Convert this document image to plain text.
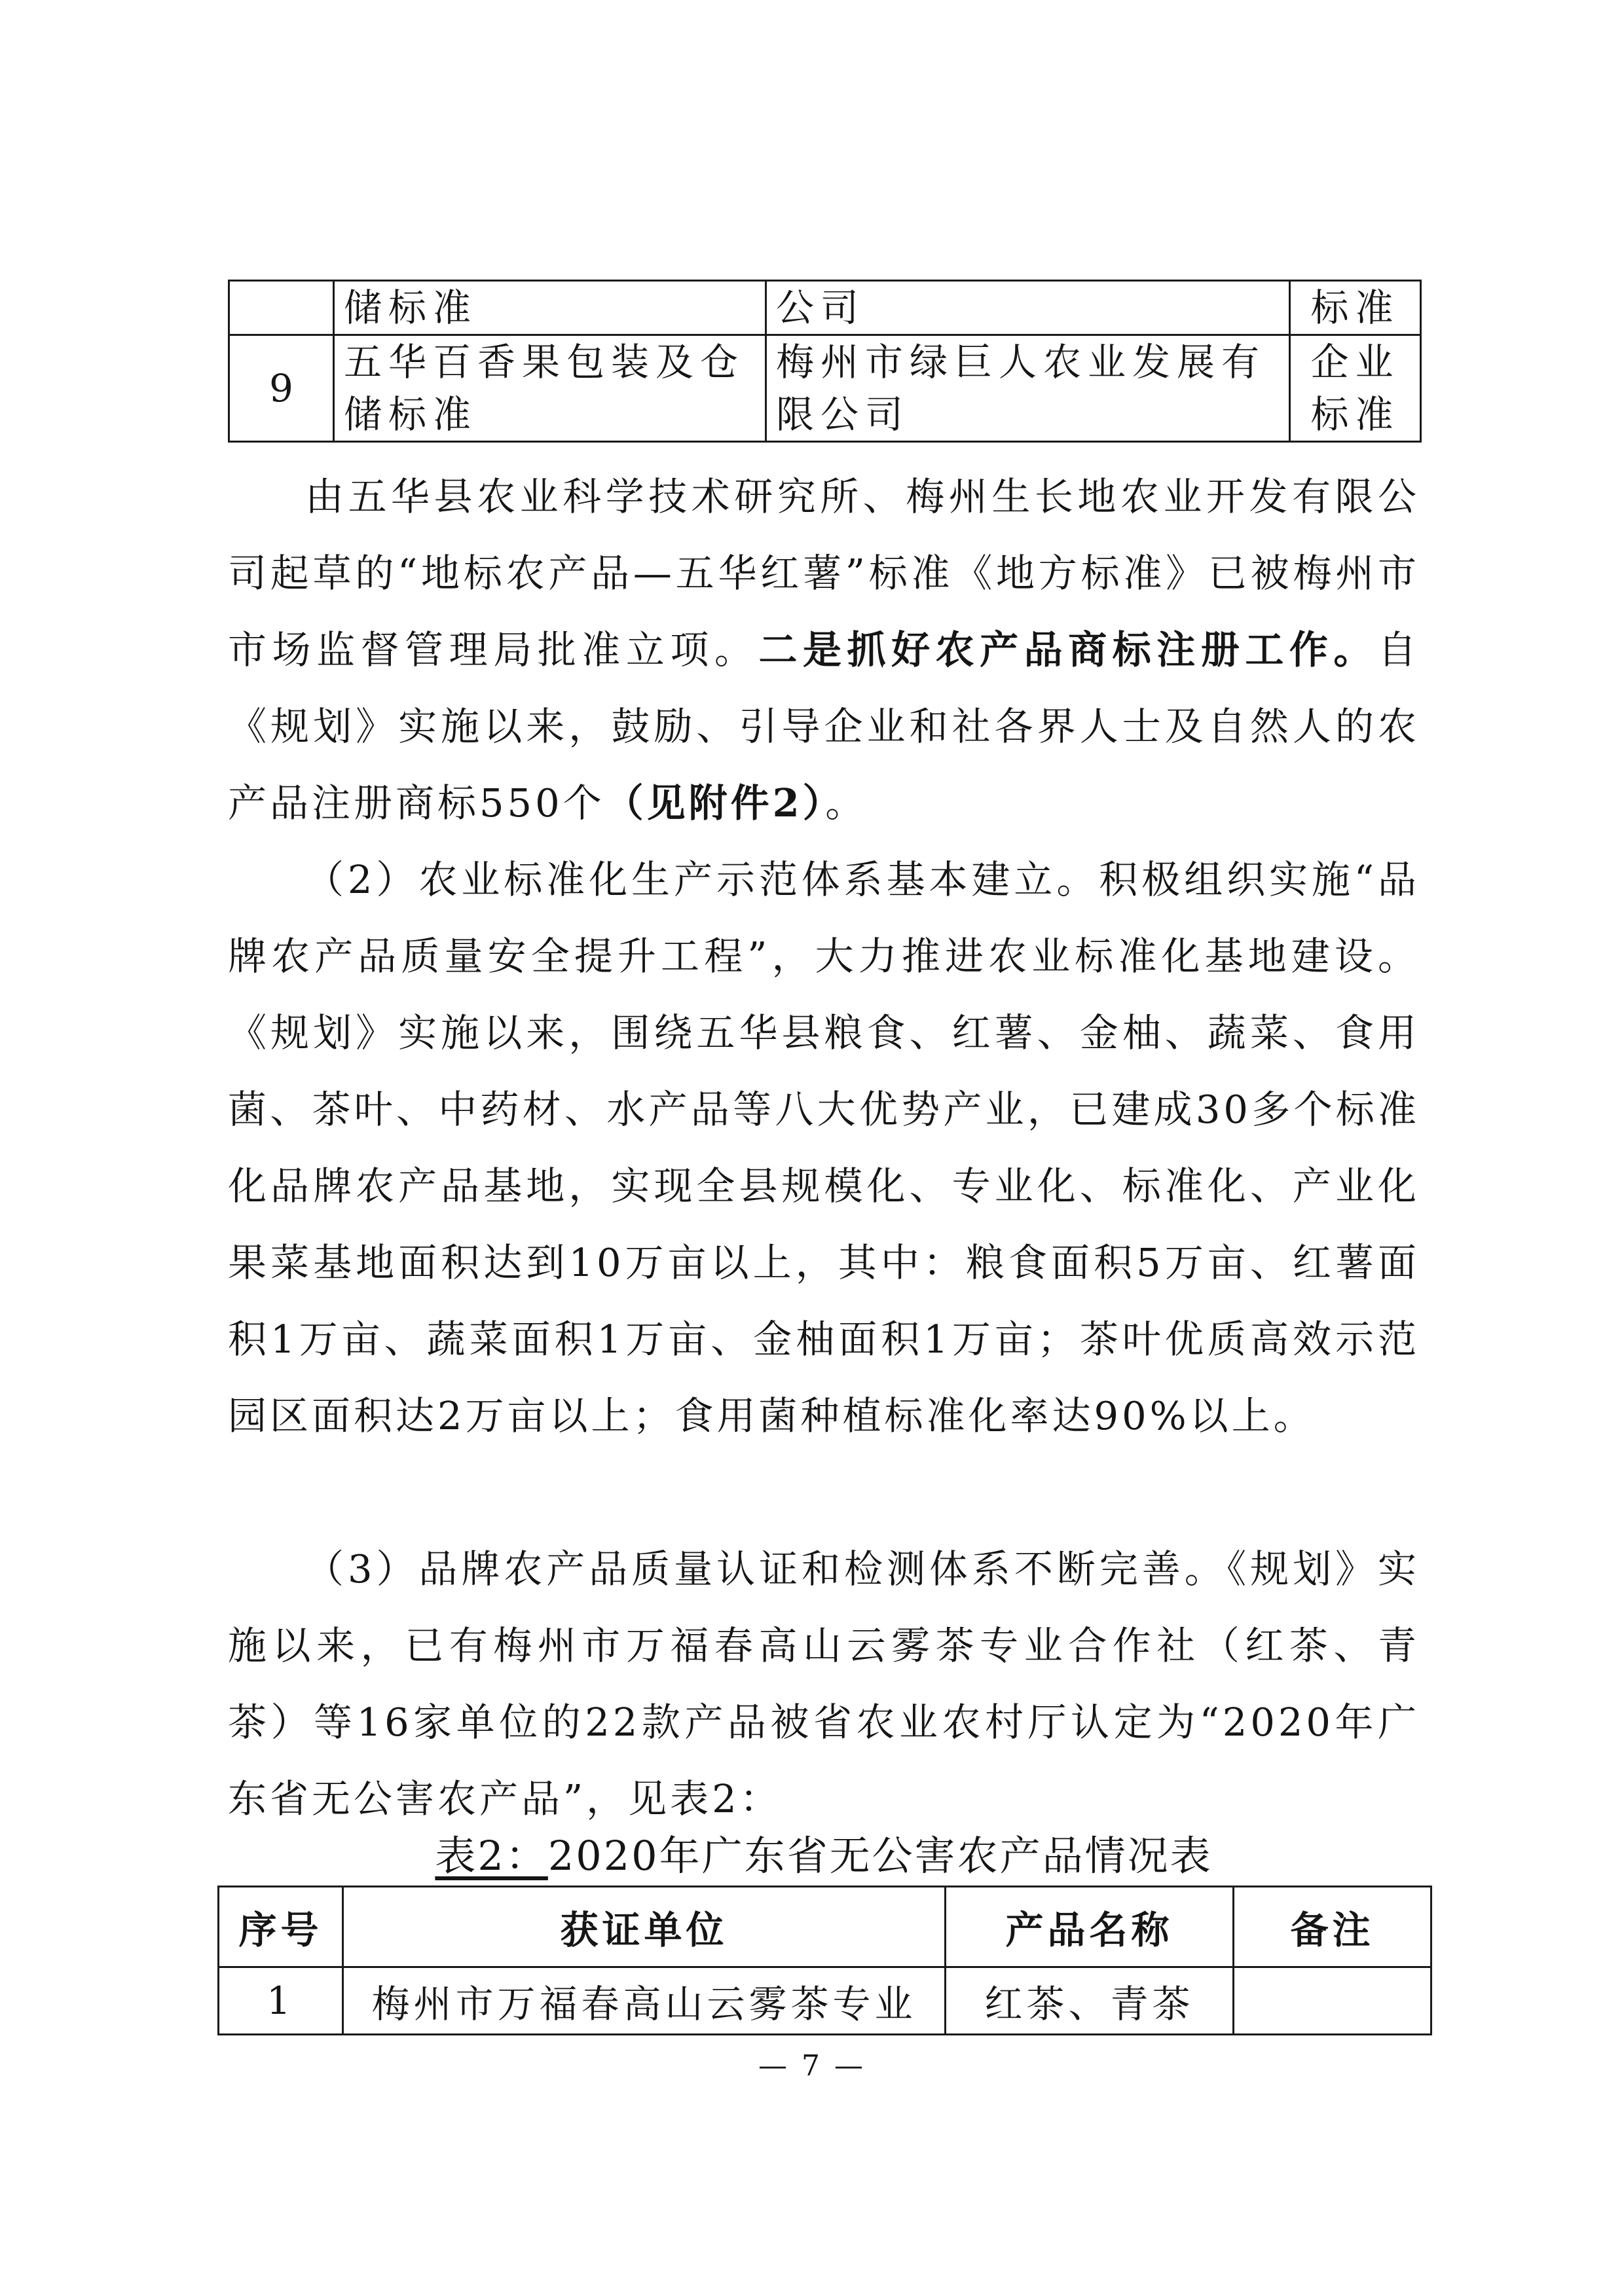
	储标准	公司	标准
9	五华百香果包装及仓储标准	梅州市绿巨人农业发展有限公司	企业标准

由五华县农业科学技术研究所、梅州生长地农业开发有限公司起草的“地标农产品—五华红薯”标准《地方标准》已被梅州市市场监督管理局批准立项。二是抓好农产品商标注册工作。自《规划》实施以来，鼓励、引导企业和社各界人士及自然人的农产品注册商标550个（见附件2）。

（2）农业标准化生产示范体系基本建立。积极组织实施“品牌农产品质量安全提升工程”，大力推进农业标准化基地建设。《规划》实施以来，围绕五华县粮食、红薯、金柚、蔬菜、食用菌、茶叶、中药材、水产品等八大优势产业，已建成30多个标准化品牌农产品基地，实现全县规模化、专业化、标准化、产业化果菜基地面积达到10万亩以上，其中：粮食面积5万亩、红薯面积1万亩、蔬菜面积1万亩、金柚面积1万亩；茶叶优质高效示范园区面积达2万亩以上；食用菌种植标准化率达90%以上。

（3）品牌农产品质量认证和检测体系不断完善。《规划》实施以来，已有梅州市万福春高山云雾茶专业合作社（红茶、青茶）等16家单位的22款产品被省农业农村厅认定为“2020年广东省无公害农产品”，见表2：

表2：2020年广东省无公害农产品情况表

序号	获证单位	产品名称	备注
1	梅州市万福春高山云雾茶专业	红茶、青茶	

— 7 —
